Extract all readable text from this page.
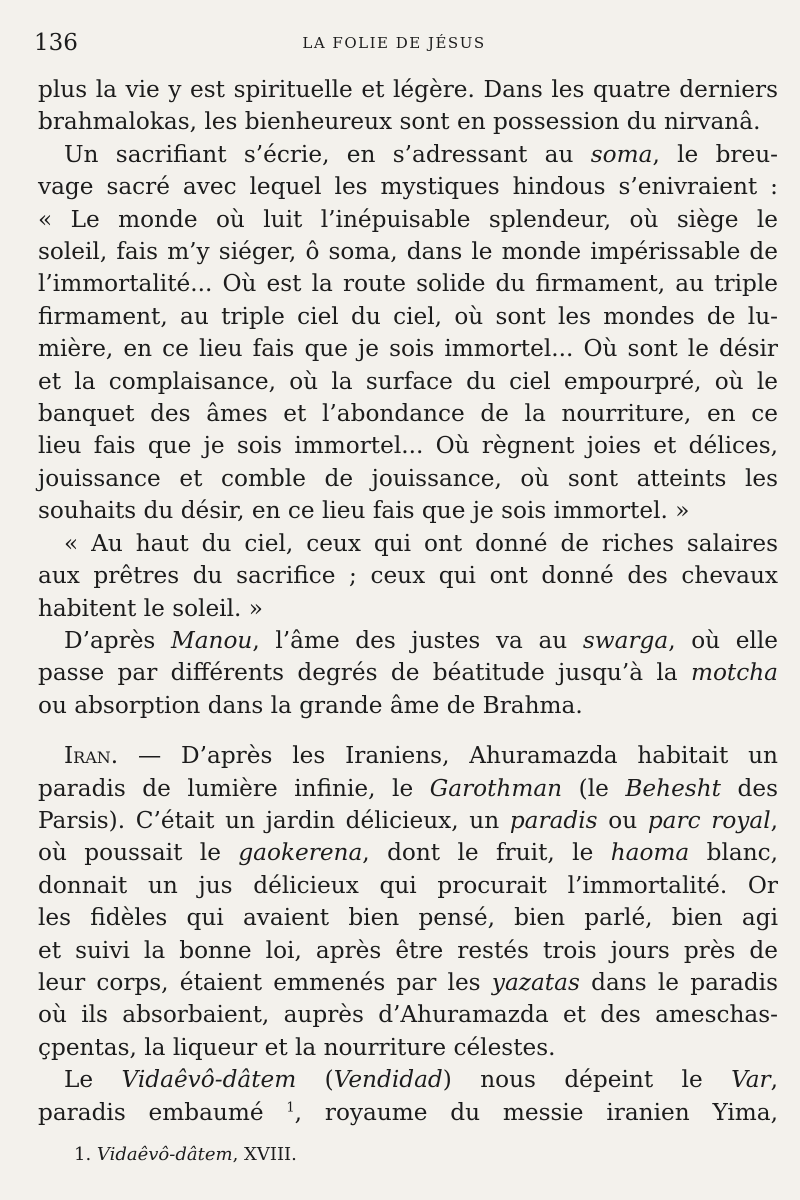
136	LA FOLIE DE JÉSUS
plus la vie y est spirituelle et légère. Dans les quatre derniers
brahmalokas, les bienheureux sont en possession du nirvanâ.
Un sacrifiant s’écrie, en s’adressant au soma, le breu-
vage sacré avec lequel les mystiques hindous s’enivraient :
« Le monde où luit l’inépuisable splendeur, où siège le
soleil, fais m’y siéger, ô soma, dans le monde impérissable de
l’immortalité... Où est la route solide du firmament, au triple
firmament, au triple ciel du ciel, où sont les mondes de lu-
mière, en ce lieu fais que je sois immortel... Où sont le désir
et la complaisance, où la surface du ciel empourpré, où le
banquet des âmes et l’abondance de la nourriture, en ce
lieu fais que je sois immortel... Où règnent joies et délices,
jouissance et comble de jouissance, où sont atteints les
souhaits du désir, en ce lieu fais que je sois immortel. »
« Au haut du ciel, ceux qui ont donné de riches salaires
aux prêtres du sacrifice ; ceux qui ont donné des chevaux
habitent le soleil. »
D’après Manou, l’âme des justes va au swarga, où elle
passe par différents degrés de béatitude jusqu’à la motcha
ou absorption dans la grande âme de Brahma.
Iran. — D’après les Iraniens, Ahuramazda habitait un
paradis de lumière infinie, le Garothman (le Behesht des
Parsis). C’était un jardin délicieux, un paradis ou parc royal,
où poussait le gaokerena, dont le fruit, le haoma blanc,
donnait un jus délicieux qui procurait l’immortalité. Or
les fidèles qui avaient bien pensé, bien parlé, bien agi
et suivi la bonne loi, après être restés trois jours près de
leur corps, étaient emmenés par les yazatas dans le paradis
où ils absorbaient, auprès d’Ahuramazda et des ameschas-
çpentas, la liqueur et la nourriture célestes.
Le Vidaêvô-dâtem (Vendidad) nous dépeint le Var,
paradis embaumé $^1$, royaume du messie iranien Yima,
1. Vidaêvô-dâtem, XVIII.
